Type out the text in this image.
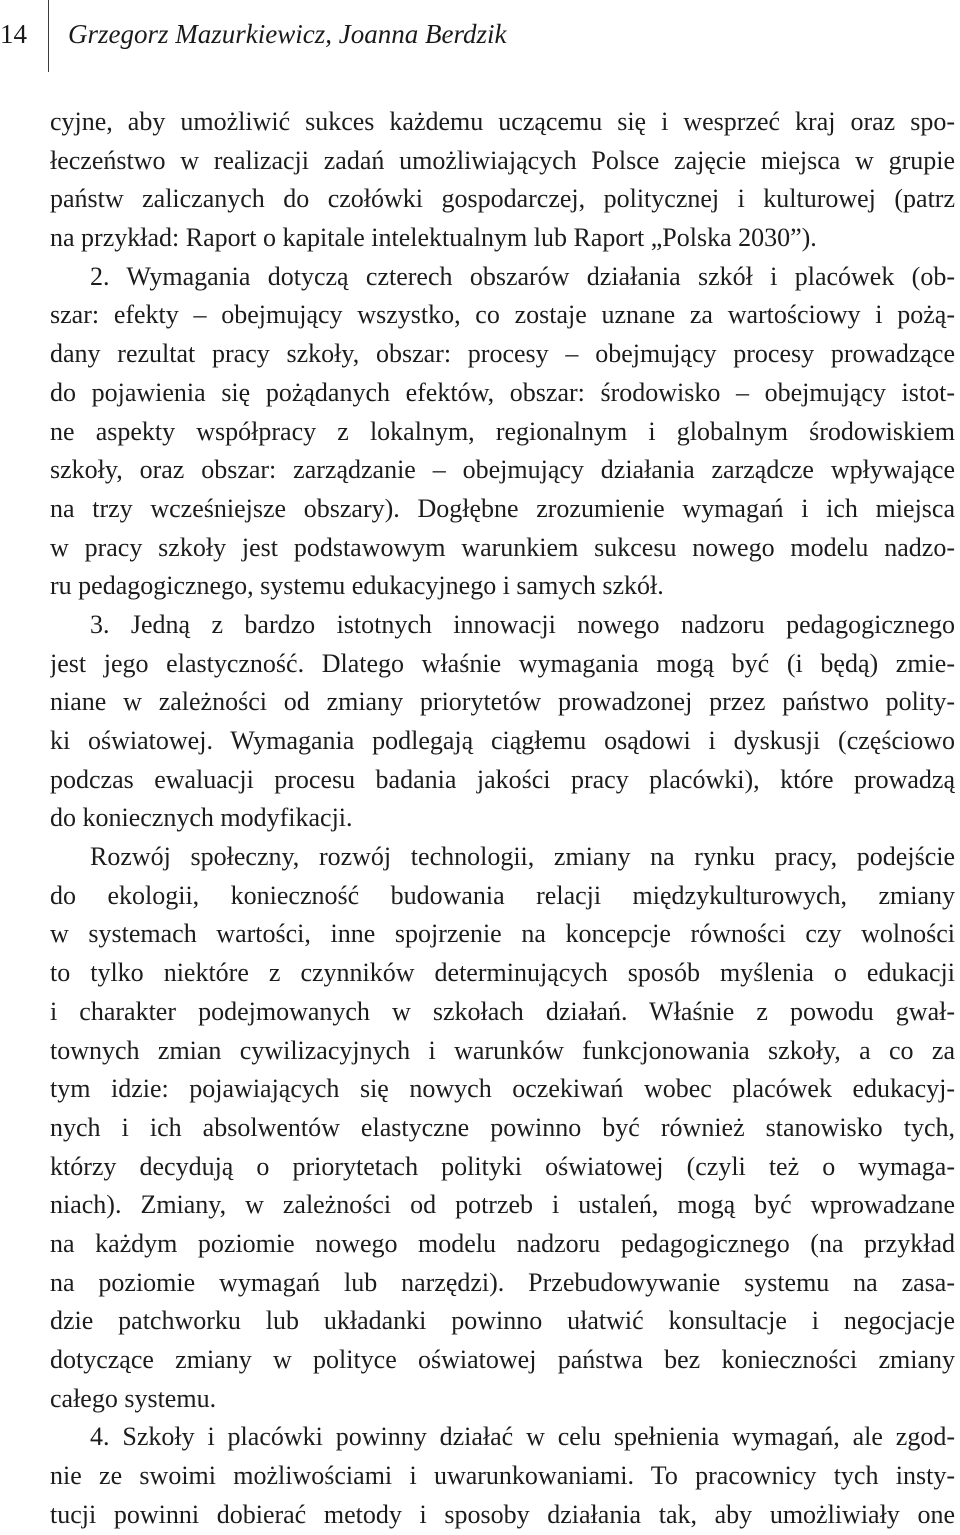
14 Grzegorz Mazurkiewicz, Joanna Berdzik
cyjne, aby umożliwić sukces każdemu uczącemu się i wesprzeć kraj oraz spo-
łeczeństwo w realizacji zadań umożliwiających Polsce zajęcie miejsca w grupie
państw zaliczanych do czołówki gospodarczej, politycznej i kulturowej (patrz
na przykład: Raport o kapitale intelektualnym lub Raport „Polska 2030”).
2. Wymagania dotyczą czterech obszarów działania szkół i placówek (ob-
szar: efekty – obejmujący wszystko, co zostaje uznane za wartościowy i pożą-
dany rezultat pracy szkoły, obszar: procesy – obejmujący procesy prowadzące
do pojawienia się pożądanych efektów, obszar: środowisko – obejmujący istot-
ne aspekty współpracy z lokalnym, regionalnym i globalnym środowiskiem
szkoły, oraz obszar: zarządzanie – obejmujący działania zarządcze wpływające
na trzy wcześniejsze obszary). Dogłębne zrozumienie wymagań i ich miejsca
w pracy szkoły jest podstawowym warunkiem sukcesu nowego modelu nadzo-
ru pedagogicznego, systemu edukacyjnego i samych szkół.
3. Jedną z bardzo istotnych innowacji nowego nadzoru pedagogicznego
jest jego elastyczność. Dlatego właśnie wymagania mogą być (i będą) zmie-
niane w zależności od zmiany priorytetów prowadzonej przez państwo polity-
ki oświatowej. Wymagania podlegają ciągłemu osądowi i dyskusji (częściowo
podczas ewaluacji procesu badania jakości pracy placówki), które prowadzą
do koniecznych modyfikacji.
Rozwój społeczny, rozwój technologii, zmiany na rynku pracy, podejście
do ekologii, konieczność budowania relacji międzykulturowych, zmiany
w systemach wartości, inne spojrzenie na koncepcje równości czy wolności
to tylko niektóre z czynników determinujących sposób myślenia o edukacji
i charakter podejmowanych w szkołach działań. Właśnie z powodu gwał-
townych zmian cywilizacyjnych i warunków funkcjonowania szkoły, a co za
tym idzie: pojawiających się nowych oczekiwań wobec placówek edukacyj-
nych i ich absolwentów elastyczne powinno być również stanowisko tych,
którzy decydują o priorytetach polityki oświatowej (czyli też o wymaga-
niach). Zmiany, w zależności od potrzeb i ustaleń, mogą być wprowadzane
na każdym poziomie nowego modelu nadzoru pedagogicznego (na przykład
na poziomie wymagań lub narzędzi). Przebudowywanie systemu na zasa-
dzie patchworku lub układanki powinno ułatwić konsultacje i negocjacje
dotyczące zmiany w polityce oświatowej państwa bez konieczności zmiany
całego systemu.
4. Szkoły i placówki powinny działać w celu spełnienia wymagań, ale zgod-
nie ze swoimi możliwościami i uwarunkowaniami. To pracownicy tych insty-
tucji powinni dobierać metody i sposoby działania tak, aby umożliwiały one
